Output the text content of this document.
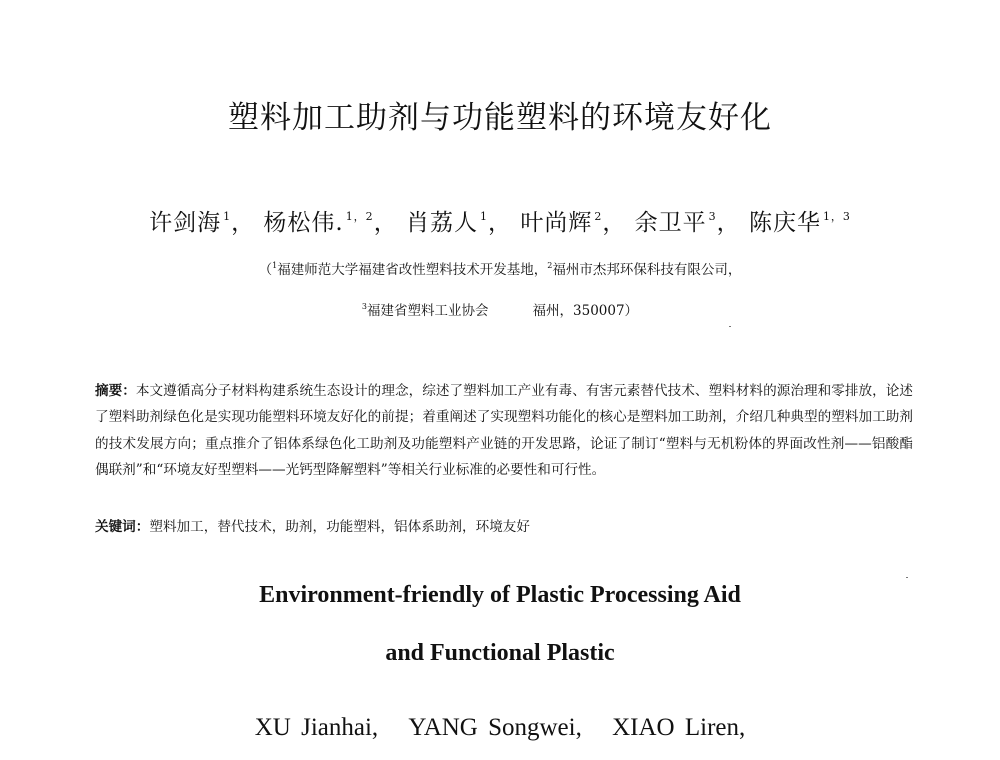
塑料加工助剂与功能塑料的环境友好化
许剑海 $^1$， 杨松伟. $^{1,2}$， 肖荔人 $^1$， 叶尚辉 $^2$， 余卫平 $^3$， 陈庆华 $^{1,3}$
（$^1$福建师范大学福建省改性塑料技术开发基地，$^2$福州市杰邦环保科技有限公司，
$^3$福建省塑料工业协会	福州，350007）
摘要：本文遵循高分子材料构建系统生态设计的理念，综述了塑料加工产业有毒、有害元素替代技术、塑料材料的源治理和零排放，论述了塑料助剂绿色化是实现功能塑料环境友好化的前提；着重阐述了实现塑料功能化的核心是塑料加工助剂，介绍几种典型的塑料加工助剂的技术发展方向；重点推介了铝体系绿色化工助剂及功能塑料产业链的开发思路，论证了制订“塑料与无机粉体的界面改性剂——铝酸酯偶联剂”和“环境友好型塑料——光钙型降解塑料”等相关行业标准的必要性和可行性。
关键词：塑料加工，替代技术，助剂，功能塑料，铝体系助剂，环境友好
Environment-friendly of Plastic Processing Aid
and Functional Plastic
XU Jianhai, YANG Songwei, XIAO Liren,
